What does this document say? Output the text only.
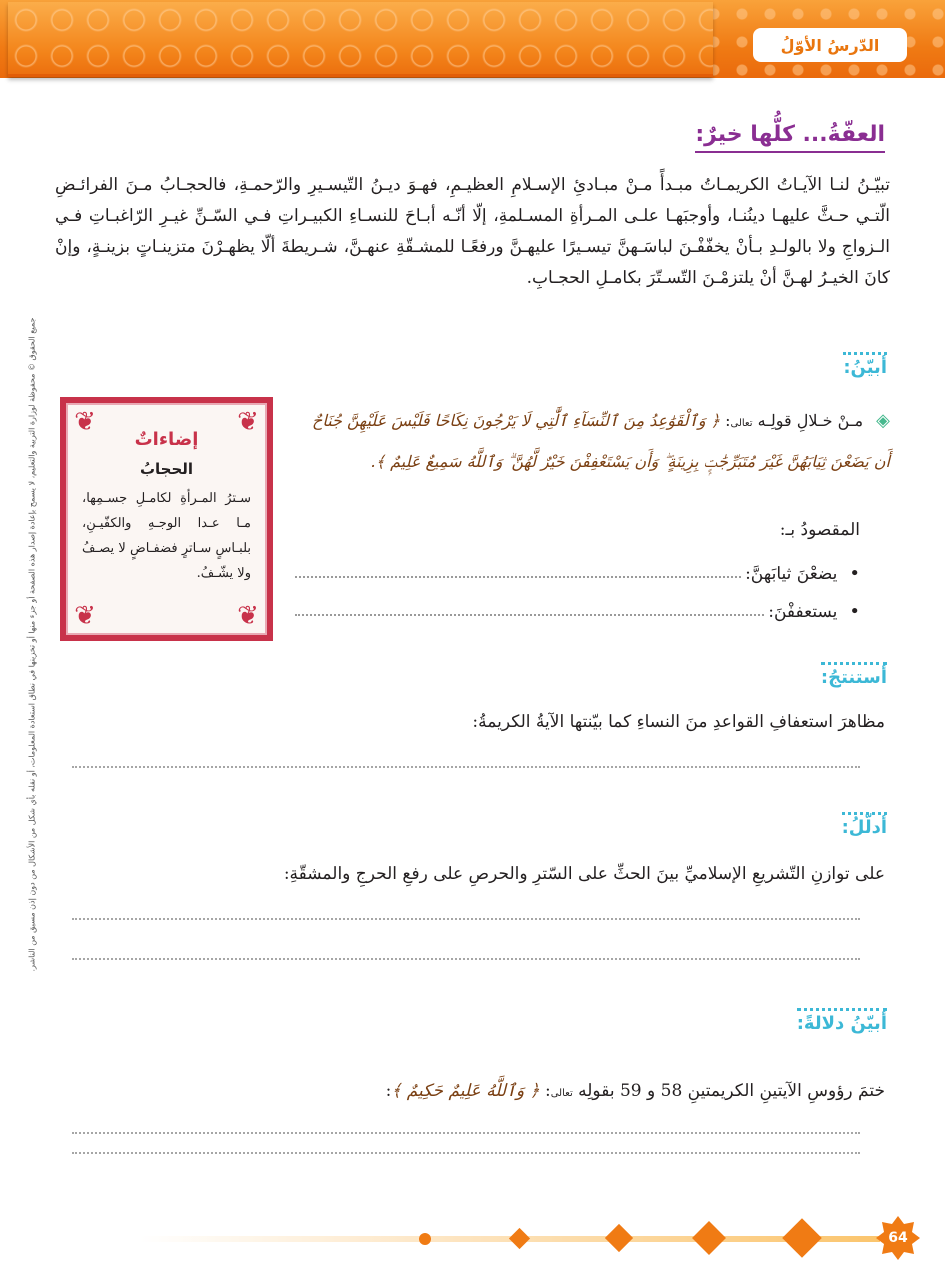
الدّرسُ الأوّلُ
العفّةُ... كلُّها خيرٌ:
تبيّـنُ لنـا الآيـاتُ الكريمـاتُ مبـدأً مـنْ مبـادئِ الإسـلامِ العظيـمِ، فهـوَ ديـنُ التّيسـيرِ والرّحمـةِ، فالحجـابُ مـنَ الفرائـضِ الّتـي حـثَّ عليهـا دينُنـا، وأوجبَهـا علـى المـرأةِ المسـلمةِ، إلّا أنّـه أبـاحَ للنسـاءِ الكبيـراتِ فـي السّـنِّ غيـرِ الرّاغبـاتِ فـي الـزواجِ ولا بالولـدِ بـأنْ يخفّفْـنَ لباسَـهنَّ تيسـيرًا عليهـنَّ ورفعًـا للمشـقّةِ عنهـنَّ، شـريطةَ ألّا يظهـرْنَ متزينـاتٍ بزينـةٍ، وإنْ كانَ الخيـرُ لهـنَّ أنْ يلتزمْـنَ التّسـتّرَ بكامـلِ الحجـابِ.
أبيّنُ:
◈ مـنْ خـلالِ قولِـه تعالى: ﴿ وَٱلْقَوَٰعِدُ مِنَ ٱلنِّسَآءِ ٱلَّٰتِي لَا يَرْجُونَ نِكَاحًا فَلَيْسَ عَلَيْهِنَّ جُنَاحٌ أَن يَضَعْنَ ثِيَابَهُنَّ غَيْرَ مُتَبَرِّجَٰتٍۭ بِزِينَةٍ ۖ وَأَن يَسْتَعْفِفْنَ خَيْرٌ لَّهُنَّ ۗ وَٱللَّهُ سَمِيعٌ عَلِيمٌ ﴾.
المقصودُ بـ:
•
يضعْنَ ثيابَهنَّ:
•
يستعففْنَ:
❦	❦
❦	❦
إضاءاتٌ
الحجابُ
سـترُ المـرأةِ لكامـلِ جسـمِها، مـا عـدا الوجـهِ والكفّيـنِ، بلبـاسٍ سـاترٍ فضفـاضٍ لا يصـفُ ولا يشّـفُ.
أستنتجُ:
مظاهرَ استعفافِ القواعدِ منَ النساءِ كما بيّنتها الآيةُ الكريمةُ:
أدلّلُ:
على توازنِ التّشريعِ الإسلاميِّ بينَ الحثِّ على السّترِ والحرصِ على رفعِ الحرجِ والمشقّةِ:
أبيّنُ دلالةً:
ختمَ رؤوسِ الآيتينِ الكريمتينِ 58 و 59 بقولِه تعالى: ﴿ وَٱللَّهُ عَلِيمٌ حَكِيمٌ ﴾:
جميع الحقوق © محفوظة لوزارة التربية والتعليم، لا يسمح بإعادة إصدار هذه الصفحة أو جزء منها أو تخزينها في نطاق استعادة المعلومات، أو نقله بأي شكل من الأشكال من دون إذن مسبق من الناشر.
64
